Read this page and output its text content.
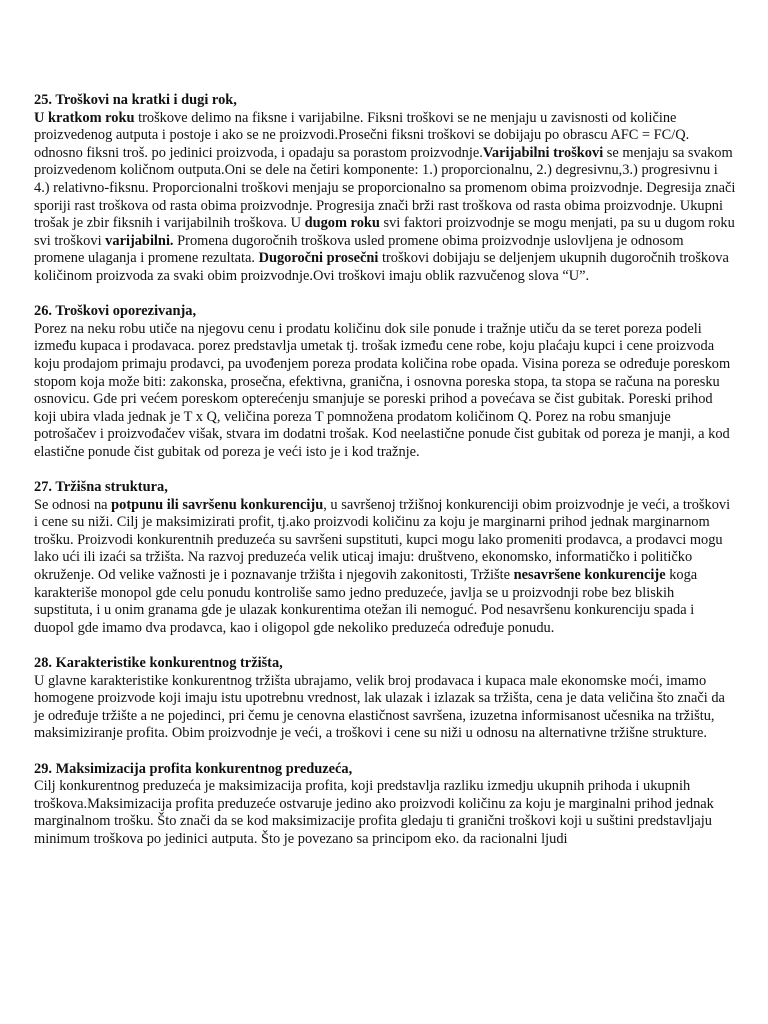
25. Troškovi na kratki i dugi rok,

U kratkom roku troškove delimo na fiksne i varijabilne. Fiksni troškovi se ne menjaju u zavisnosti od količine proizvedenog autputa i postoje i ako se ne proizvodi.Prosečni fiksni troškovi se dobijaju po obrascu AFC = FC/Q. odnosno fiksni troš. po jedinici proizvoda, i opadaju sa porastom proizvodnje.Varijabilni troškovi se menjaju sa svakom proizvedenom količnom outputa.Oni se dele na četiri komponente: 1.) proporcionalnu, 2.) degresivnu,3.) progresivnu i 4.) relativno-fiksnu. Proporcionalni troškovi menjaju se proporcionalno sa promenom obima proizvodnje. Degresija znači sporiji rast troškova od rasta obima proizvodnje. Progresija znači brži rast troškova od rasta obima proizvodnje. Ukupni trošak je zbir fiksnih i varijabilnih troškova. U dugom roku svi faktori proizvodnje se mogu menjati, pa su u dugom roku svi troškovi varijabilni. Promena dugoročnih troškova usled promene obima proizvodnje uslovljena je odnosom promene ulaganja i promene rezultata. Dugoročni prosečni troškovi dobijaju se deljenjem ukupnih dugoročnih troškova količinom proizvoda za svaki obim proizvodnje.Ovi troškovi imaju oblik razvučenog slova “U”.

26. Troškovi oporezivanja,

Porez na neku robu utiče na njegovu cenu i prodatu količinu dok sile ponude i tražnje utiču da se teret poreza podeli između kupaca i prodavaca. porez predstavlja umetak tj. trošak između cene robe, koju plaćaju kupci i cene proizvoda koju prodajom primaju prodavci, pa uvođenjem poreza prodata količina robe opada. Visina poreza se određuje poreskom stopom koja može biti: zakonska, prosečna, efektivna, granična, i osnovna poreska stopa, ta stopa se računa na poresku osnovicu. Gde pri većem poreskom opterećenju smanjuje se poreski prihod a povećava se čist gubitak. Poreski prihod koji ubira vlada jednak je T x Q, veličina poreza T pomnožena prodatom količinom Q. Porez na robu smanjuje potrošačev i proizvođačev višak, stvara im dodatni trošak. Kod neelastične ponude čist gubitak od poreza je manji, a kod elastične ponude čist gubitak od poreza je veći isto je i kod tražnje.

27. Tržišna struktura,

Se odnosi na potpunu ili savršenu konkurenciju, u savršenoj tržišnoj konkurenciji obim proizvodnje je veći, a troškovi i cene su niži. Cilj je maksimizirati profit, tj.ako proizvodi količinu za koju je marginarni prihod jednak marginarnom trošku. Proizvodi konkurentnih preduzeća su savršeni supstituti, kupci mogu lako promeniti prodavca, a prodavci mogu lako ući ili izaći sa tržišta. Na razvoj preduzeća velik uticaj imaju: društveno, ekonomsko, informatičko i političko okruženje. Od velike važnosti je i poznavanje tržišta i njegovih zakonitosti, Tržište nesavršene konkurencije koga karakteriše monopol gde celu ponudu kontroliše samo jedno preduzeće, javlja se u proizvodnji robe bez bliskih supstituta, i u onim granama gde je ulazak konkurentima otežan ili nemoguć. Pod nesavršenu konkurenciju spada i duopol gde imamo dva prodavca, kao i oligopol gde nekoliko preduzeća određuje ponudu.

28. Karakteristike konkurentnog tržišta,

U glavne karakteristike konkurentnog tržišta ubrajamo, velik broj prodavaca i kupaca male ekonomske moći, imamo homogene proizvode koji imaju istu upotrebnu vrednost, lak ulazak i izlazak sa tržišta, cena je data veličina što znači da je određuje tržište a ne pojedinci, pri čemu je cenovna elastičnost savršena, izuzetna informisanost učesnika na tržištu, maksimiziranje profita. Obim proizvodnje je veći, a troškovi i cene su niži u odnosu na alternativne tržišne strukture.

29. Maksimizacija profita konkurentnog preduzeća,

Cilj konkurentnog preduzeća je maksimizacija profita, koji predstavlja razliku izmedju ukupnih prihoda i ukupnih troškova.Maksimizacija profita preduzeće ostvaruje jedino ako proizvodi količinu za koju je marginalni prihod jednak marginalnom trošku. Što znači da se kod maksimizacije profita gledaju ti granični troškovi koji u suštini predstavljaju minimum troškova po jedinici autputa. Što je povezano sa principom eko. da racionalni ljudi
